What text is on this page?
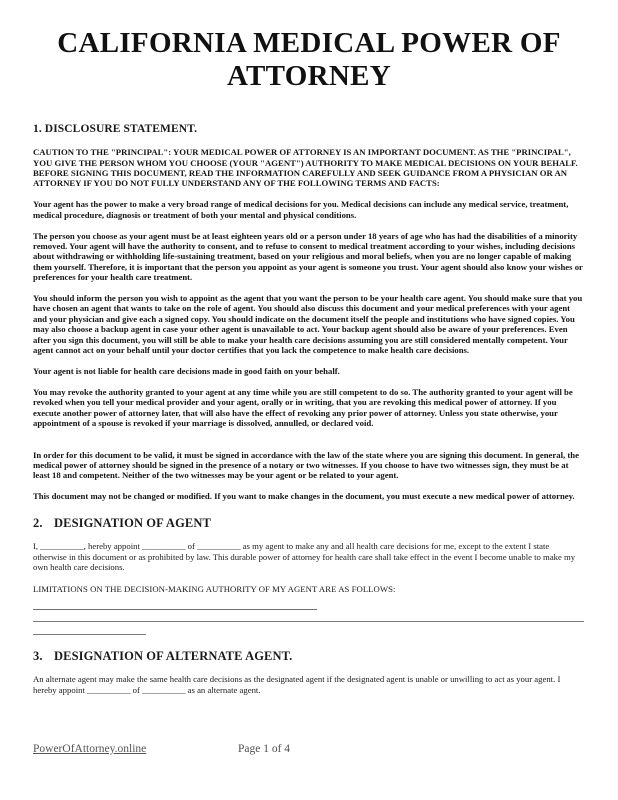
CALIFORNIA MEDICAL POWER OF ATTORNEY
1. DISCLOSURE STATEMENT.

CAUTION TO THE "PRINCIPAL": YOUR MEDICAL POWER OF ATTORNEY IS AN IMPORTANT DOCUMENT. AS THE "PRINCIPAL", YOU GIVE THE PERSON WHOM YOU CHOOSE (YOUR "AGENT") AUTHORITY TO MAKE MEDICAL DECISIONS ON YOUR BEHALF. BEFORE SIGNING THIS DOCUMENT, READ THE INFORMATION CAREFULLY AND SEEK GUIDANCE FROM A PHYSICIAN OR AN ATTORNEY IF YOU DO NOT FULLY UNDERSTAND ANY OF THE FOLLOWING TERMS AND FACTS:

Your agent has the power to make a very broad range of medical decisions for you. Medical decisions can include any medical service, treatment, medical procedure, diagnosis or treatment of both your mental and physical conditions.

The person you choose as your agent must be at least eighteen years old or a person under 18 years of age who has had the disabilities of a minority removed. Your agent will have the authority to consent, and to refuse to consent to medical treatment according to your wishes, including decisions about withdrawing or withholding life-sustaining treatment, based on your religious and moral beliefs, when you are no longer capable of making them yourself. Therefore, it is important that the person you appoint as your agent is someone you trust. Your agent should also know your wishes or preferences for your health care treatment.

You should inform the person you wish to appoint as the agent that you want the person to be your health care agent. You should make sure that you have chosen an agent that wants to take on the role of agent. You should also discuss this document and your medical preferences with your agent and your physician and give each a signed copy. You should indicate on the document itself the people and institutions who have signed copies. You may also choose a backup agent in case your other agent is unavailable to act. Your backup agent should also be aware of your preferences. Even after you sign this document, you will still be able to make your health care decisions assuming you are still considered mentally competent. Your agent cannot act on your behalf until your doctor certifies that you lack the competence to make health care decisions.

Your agent is not liable for health care decisions made in good faith on your behalf.

You may revoke the authority granted to your agent at any time while you are still competent to do so. The authority granted to your agent will be revoked when you tell your medical provider and your agent, orally or in writing, that you are revoking this medical power of attorney. If you execute another power of attorney later, that will also have the effect of revoking any prior power of attorney. Unless you state otherwise, your appointment of a spouse is revoked if your marriage is dissolved, annulled, or declared void.

In order for this document to be valid, it must be signed in accordance with the law of the state where you are signing this document. In general, the medical power of attorney should be signed in the presence of a notary or two witnesses. If you choose to have two witnesses sign, they must be at least 18 and competent. Neither of the two witnesses may be your agent or be related to your agent.

This document may not be changed or modified. If you want to make changes in the document, you must execute a new medical power of attorney.

2. DESIGNATION OF AGENT

I, __________, hereby appoint __________ of __________ as my agent to make any and all health care decisions for me, except to the extent I state otherwise in this document or as prohibited by law. This durable power of attorney for health care shall take effect in the event I become unable to make my own health care decisions.

LIMITATIONS ON THE DECISION-MAKING AUTHORITY OF MY AGENT ARE AS FOLLOWS:

3. DESIGNATION OF ALTERNATE AGENT.

An alternate agent may make the same health care decisions as the designated agent if the designated agent is unable or unwilling to act as your agent. I hereby appoint __________ of __________ as an alternate agent.

PowerOfAttorney.online	Page 1 of 4
